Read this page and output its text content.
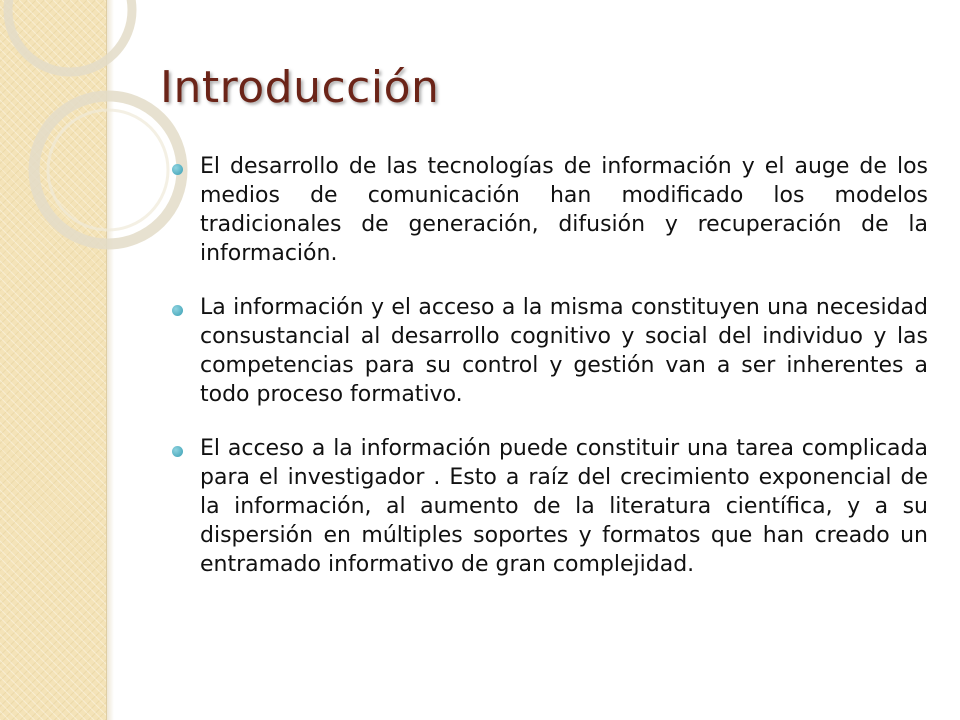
Introducción
El desarrollo de las tecnologías de información y el auge de los medios de comunicación han modificado los modelos tradicionales de generación, difusión y recuperación de la información.
La información y el acceso a la misma constituyen una necesidad consustancial al desarrollo cognitivo y social del individuo y las competencias para su control y gestión van a ser inherentes a todo proceso formativo.
El acceso a la información puede constituir una tarea complicada para el investigador . Esto a raíz del crecimiento exponencial de la información, al aumento de la literatura científica, y a su dispersión en múltiples soportes y formatos que han creado un entramado informativo de gran complejidad.
